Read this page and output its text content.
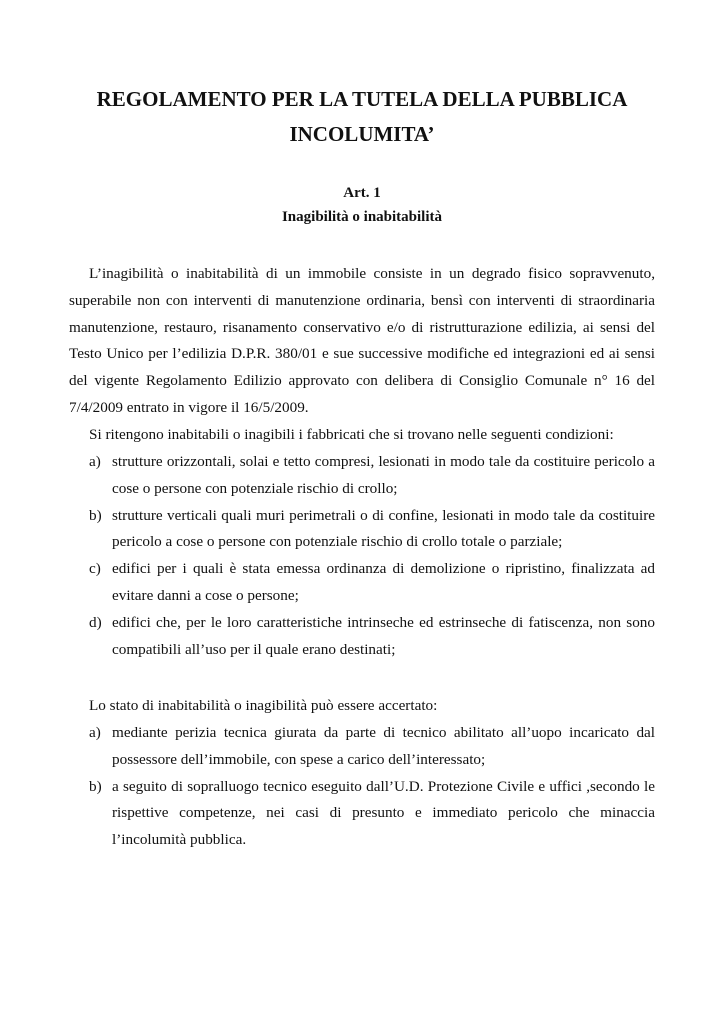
REGOLAMENTO PER LA TUTELA DELLA PUBBLICA
INCOLUMITA’
Art. 1
Inagibilità o inabitabilità

L’inagibilità o inabitabilità di un immobile consiste in un degrado fisico sopravvenuto, superabile non con interventi di manutenzione ordinaria, bensì con interventi di straordinaria manutenzione, restauro, risanamento conservativo e/o di ristrutturazione edilizia, ai sensi del Testo Unico per l’edilizia D.P.R. 380/01 e sue successive modifiche ed integrazioni ed ai sensi del vigente Regolamento Edilizio approvato con delibera di Consiglio Comunale n° 16 del 7/4/2009 entrato in vigore il 16/5/2009.

Si ritengono inabitabili o inagibili i fabbricati che si trovano nelle seguenti condizioni:

a) strutture orizzontali, solai e tetto compresi, lesionati in modo tale da costituire pericolo a cose o persone con potenziale rischio di crollo;
b) strutture verticali quali muri perimetrali o di confine, lesionati in modo tale da costituire pericolo a cose o persone con potenziale rischio di crollo totale o parziale;
c) edifici per i quali è stata emessa ordinanza di demolizione o ripristino, finalizzata ad evitare danni a cose o persone;
d) edifici che, per le loro caratteristiche intrinseche ed estrinseche di fatiscenza, non sono compatibili all’uso per il quale erano destinati;

Lo stato di inabitabilità o inagibilità può essere accertato:

a) mediante perizia tecnica giurata da parte di tecnico abilitato all’uopo incaricato dal possessore dell’immobile, con spese a carico dell’interessato;
b) a seguito di sopralluogo tecnico eseguito dall’U.D. Protezione Civile e uffici ,secondo le rispettive competenze, nei casi di presunto e immediato pericolo che minaccia l’incolumità pubblica.
